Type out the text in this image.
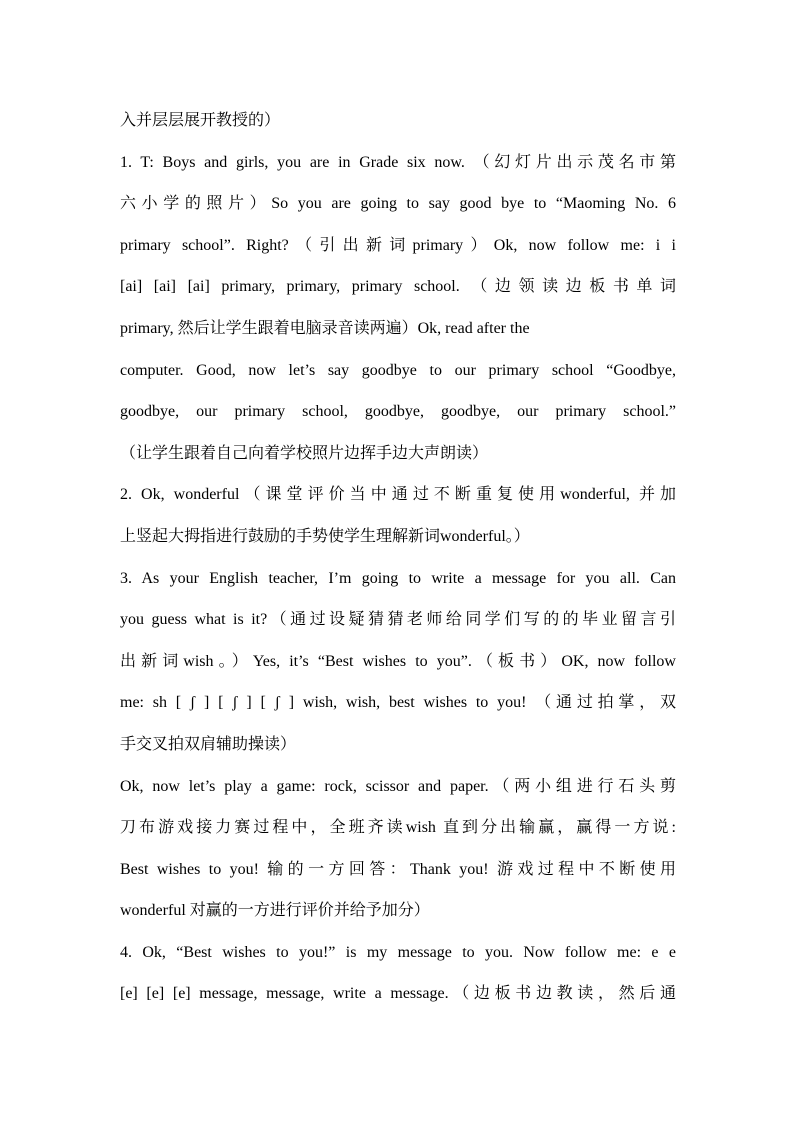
入并层层展开教授的）
1. T: Boys and girls, you are in Grade six now. （幻灯片出示茂名市第
六小学的照片）So you are going to say good bye to “Maoming No. 6
primary school”. Right?（引出新词primary）Ok, now follow me: i i
[ai] [ai] [ai] primary, primary, primary school. （边领读边板书单词
primary, 然后让学生跟着电脑录音读两遍）Ok, read after the
computer. Good, now let’s say goodbye to our primary school “Goodbye,
goodbye, our primary school, goodbye, goodbye, our primary school.”
（让学生跟着自己向着学校照片边挥手边大声朗读）
2. Ok, wonderful（课堂评价当中通过不断重复使用wonderful, 并加
上竖起大拇指进行鼓励的手势使学生理解新词wonderful。）
3. As your English teacher, I’m going to write a message for you all. Can
you guess what is it?（通过设疑猜猜老师给同学们写的的毕业留言引
出新词wish。）Yes, it’s “Best wishes to you”.（板书）OK, now follow
me: sh [ ʃ ] [ ʃ ] [ ʃ ] wish, wish, best wishes to you! （通过拍掌，双
手交叉拍双肩辅助操读）
Ok, now let’s play a game: rock, scissor and paper.（两小组进行石头剪
刀布游戏接力赛过程中，全班齐读wish 直到分出输赢，赢得一方说:
Best wishes to you! 输的一方回答：Thank you! 游戏过程中不断使用
wonderful 对赢的一方进行评价并给予加分）
4. Ok, “Best wishes to you!” is my message to you. Now follow me: e e
[e] [e] [e] message, message, write a message.（边板书边教读，然后通
